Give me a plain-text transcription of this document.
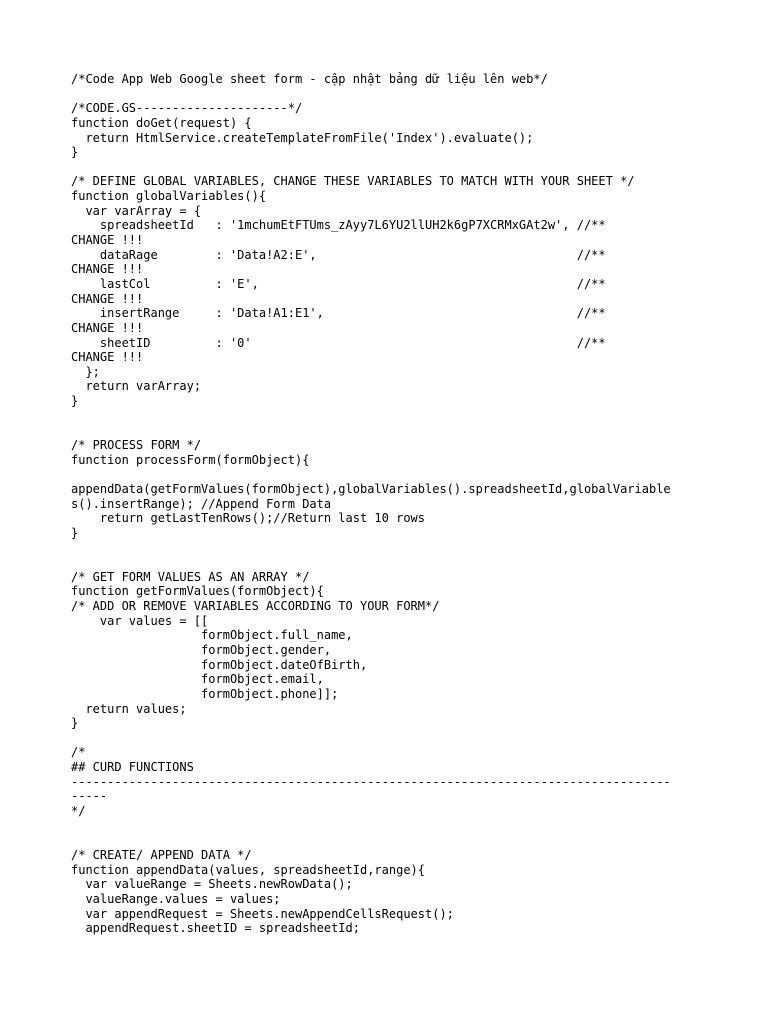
/*Code App Web Google sheet form - cập nhật bảng dữ liệu lên web*/
/*CODE.GS---------------------*/
function doGet(request) {
return HtmlService.createTemplateFromFile('Index').evaluate();
}
/* DEFINE GLOBAL VARIABLES, CHANGE THESE VARIABLES TO MATCH WITH YOUR SHEET */
function globalVariables(){
var varArray = {
spreadsheetId   : '1mchumEtFTUms_zAyy7L6YU2llUH2k6gP7XCRMxGAt2w', //**
CHANGE !!!
dataRage        : 'Data!A2:E',                                    //**
CHANGE !!!
lastCol         : 'E',                                            //**
CHANGE !!!
insertRange     : 'Data!A1:E1',                                   //**
CHANGE !!!
sheetID         : '0'                                             //**
CHANGE !!!
};
return varArray;
}
/* PROCESS FORM */
function processForm(formObject){
appendData(getFormValues(formObject),globalVariables().spreadsheetId,globalVariable
s().insertRange); //Append Form Data
return getLastTenRows();//Return last 10 rows
}
/* GET FORM VALUES AS AN ARRAY */
function getFormValues(formObject){
/* ADD OR REMOVE VARIABLES ACCORDING TO YOUR FORM*/
var values = [[
formObject.full_name,
formObject.gender,
formObject.dateOfBirth,
formObject.email,
formObject.phone]];
return values;
}
/*
## CURD FUNCTIONS
-----------------------------------------------------------------------------------
-----
*/
/* CREATE/ APPEND DATA */
function appendData(values, spreadsheetId,range){
var valueRange = Sheets.newRowData();
valueRange.values = values;
var appendRequest = Sheets.newAppendCellsRequest();
appendRequest.sheetID = spreadsheetId;
